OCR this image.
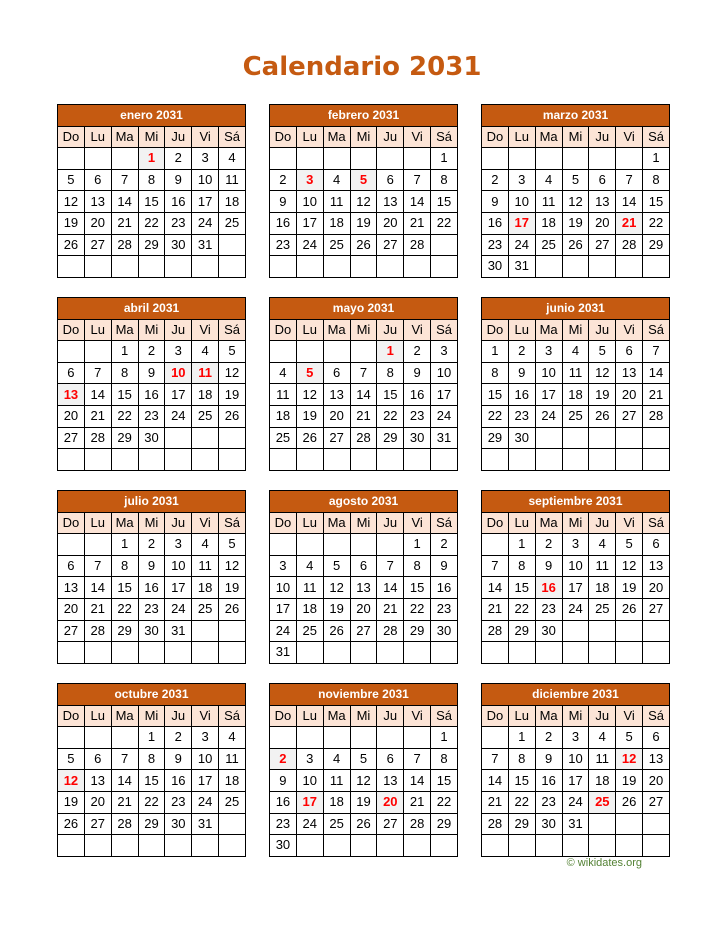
Calendario 2031
enero 2031						
Do	Lu	Ma	Mi	Ju	Vi	Sá
			1	2	3	4
5	6	7	8	9	10	11
12	13	14	15	16	17	18
19	20	21	22	23	24	25
26	27	28	29	30	31	

febrero 2031						
Do	Lu	Ma	Mi	Ju	Vi	Sá
						1
2	3	4	5	6	7	8
9	10	11	12	13	14	15
16	17	18	19	20	21	22
23	24	25	26	27	28	

marzo 2031						
Do	Lu	Ma	Mi	Ju	Vi	Sá
						1
2	3	4	5	6	7	8
9	10	11	12	13	14	15
16	17	18	19	20	21	22
23	24	25	26	27	28	29
30	31					
abril 2031						
Do	Lu	Ma	Mi	Ju	Vi	Sá
		1	2	3	4	5
6	7	8	9	10	11	12
13	14	15	16	17	18	19
20	21	22	23	24	25	26
27	28	29	30			

mayo 2031						
Do	Lu	Ma	Mi	Ju	Vi	Sá
				1	2	3
4	5	6	7	8	9	10
11	12	13	14	15	16	17
18	19	20	21	22	23	24
25	26	27	28	29	30	31

junio 2031						
Do	Lu	Ma	Mi	Ju	Vi	Sá
1	2	3	4	5	6	7
8	9	10	11	12	13	14
15	16	17	18	19	20	21
22	23	24	25	26	27	28
29	30					

julio 2031						
Do	Lu	Ma	Mi	Ju	Vi	Sá
		1	2	3	4	5
6	7	8	9	10	11	12
13	14	15	16	17	18	19
20	21	22	23	24	25	26
27	28	29	30	31		

agosto 2031						
Do	Lu	Ma	Mi	Ju	Vi	Sá
					1	2
3	4	5	6	7	8	9
10	11	12	13	14	15	16
17	18	19	20	21	22	23
24	25	26	27	28	29	30
31						
septiembre 2031						
Do	Lu	Ma	Mi	Ju	Vi	Sá
	1	2	3	4	5	6
7	8	9	10	11	12	13
14	15	16	17	18	19	20
21	22	23	24	25	26	27
28	29	30				

octubre 2031						
Do	Lu	Ma	Mi	Ju	Vi	Sá
			1	2	3	4
5	6	7	8	9	10	11
12	13	14	15	16	17	18
19	20	21	22	23	24	25
26	27	28	29	30	31	

noviembre 2031						
Do	Lu	Ma	Mi	Ju	Vi	Sá
						1
2	3	4	5	6	7	8
9	10	11	12	13	14	15
16	17	18	19	20	21	22
23	24	25	26	27	28	29
30						
diciembre 2031						
Do	Lu	Ma	Mi	Ju	Vi	Sá
	1	2	3	4	5	6
7	8	9	10	11	12	13
14	15	16	17	18	19	20
21	22	23	24	25	26	27
28	29	30	31			

© wikidates.org
